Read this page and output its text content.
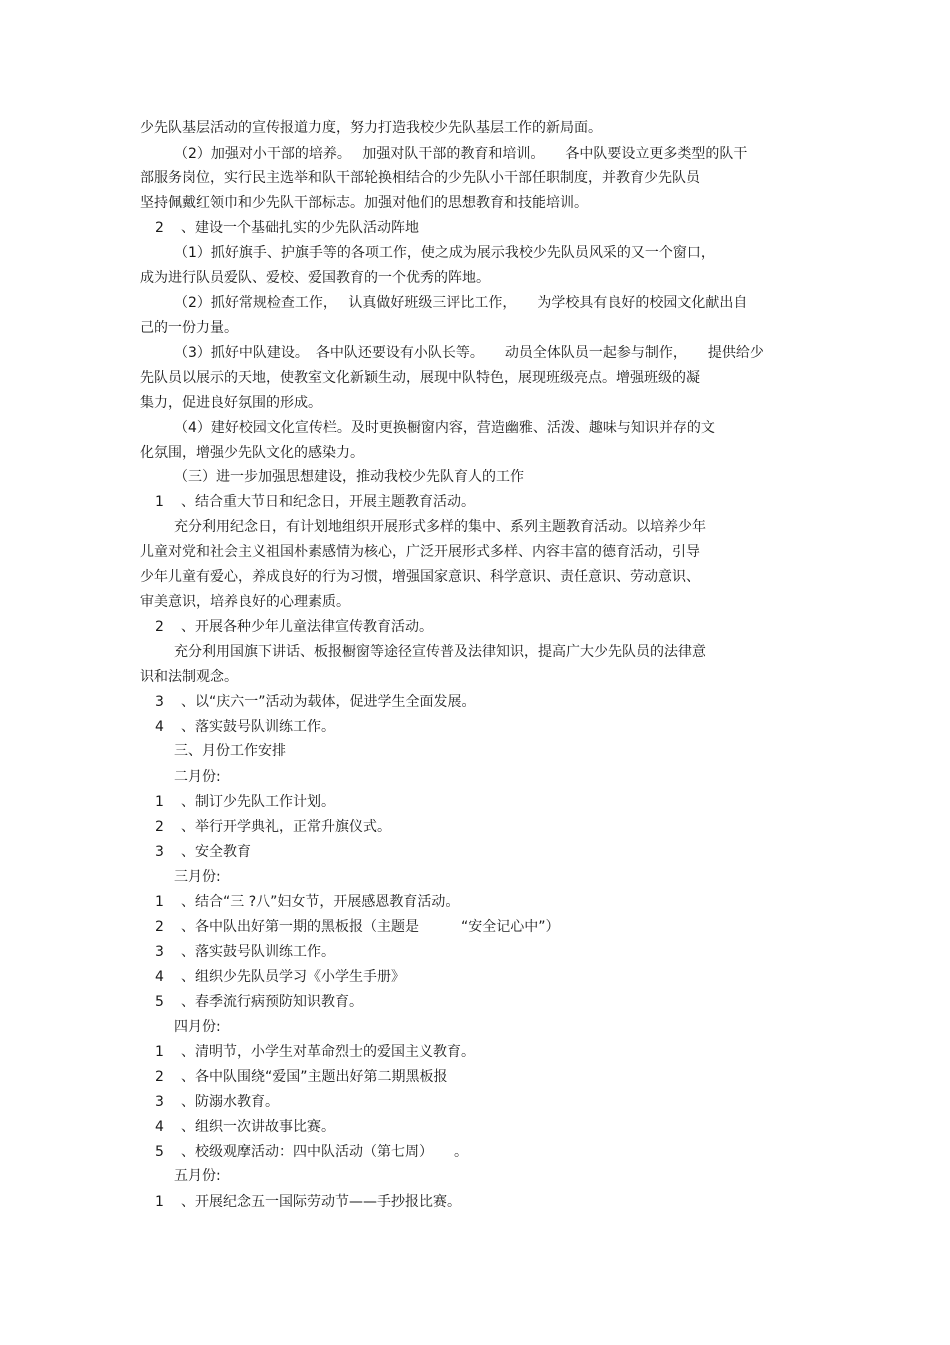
少先队基层活动的宣传报道力度，努力打造我校少先队基层工作的新局面。
（2）加强对小干部的培养。　 加强对队干部的教育和培训。　　各中队要设立更多类型的队干
部服务岗位，实行民主选举和队干部轮换相结合的少先队小干部任职制度，并教育少先队员
坚持佩戴红领巾和少先队干部标志。加强对他们的思想教育和技能培训。
2 、建设一个基础扎实的少先队活动阵地
（1）抓好旗手、护旗手等的各项工作，使之成为展示我校少先队员风采的又一个窗口，
成为进行队员爱队、爱校、爱国教育的一个优秀的阵地。
（2）抓好常规检查工作，　 认真做好班级三评比工作，　　为学校具有良好的校园文化献出自
己的一份力量。
（3）抓好中队建设。　各中队还要设有小队长等。　　动员全体队员一起参与制作，　　提供给少
先队员以展示的天地，使教室文化新颖生动，展现中队特色，展现班级亮点。增强班级的凝
集力，促进良好氛围的形成。
（4）建好校园文化宣传栏。及时更换橱窗内容，营造幽雅、活泼、趣味与知识并存的文
化氛围，增强少先队文化的感染力。
（三）进一步加强思想建设，推动我校少先队育人的工作
1 、结合重大节日和纪念日，开展主题教育活动。
充分利用纪念日，有计划地组织开展形式多样的集中、系列主题教育活动。以培养少年
儿童对党和社会主义祖国朴素感情为核心，广泛开展形式多样、内容丰富的德育活动，引导
少年儿童有爱心，养成良好的行为习惯，增强国家意识、科学意识、责任意识、劳动意识、
审美意识，培养良好的心理素质。
2 、开展各种少年儿童法律宣传教育活动。
充分利用国旗下讲话、板报橱窗等途径宣传普及法律知识，提高广大少先队员的法律意
识和法制观念。
3 、以“庆六一”活动为载体，促进学生全面发展。
4 、落实鼓号队训练工作。
三、月份工作安排
二月份:
1 、制订少先队工作计划。
2 、举行开学典礼，正常升旗仪式。
3 、安全教育
三月份:
1 、结合“三 ?八”妇女节，开展感恩教育活动。
2 、各中队出好第一期的黑板报（主题是　　　“安全记心中”）
3 、落实鼓号队训练工作。
4 、组织少先队员学习《小学生手册》
5 、春季流行病预防知识教育。
四月份:
1 、清明节，小学生对革命烈士的爱国主义教育。
2 、各中队围绕“爱国”主题出好第二期黑板报
3 、防溺水教育。
4 、组织一次讲故事比赛。
5 、校级观摩活动：四中队活动（第七周）　　。
五月份:
1 、开展纪念五一国际劳动节——手抄报比赛。
